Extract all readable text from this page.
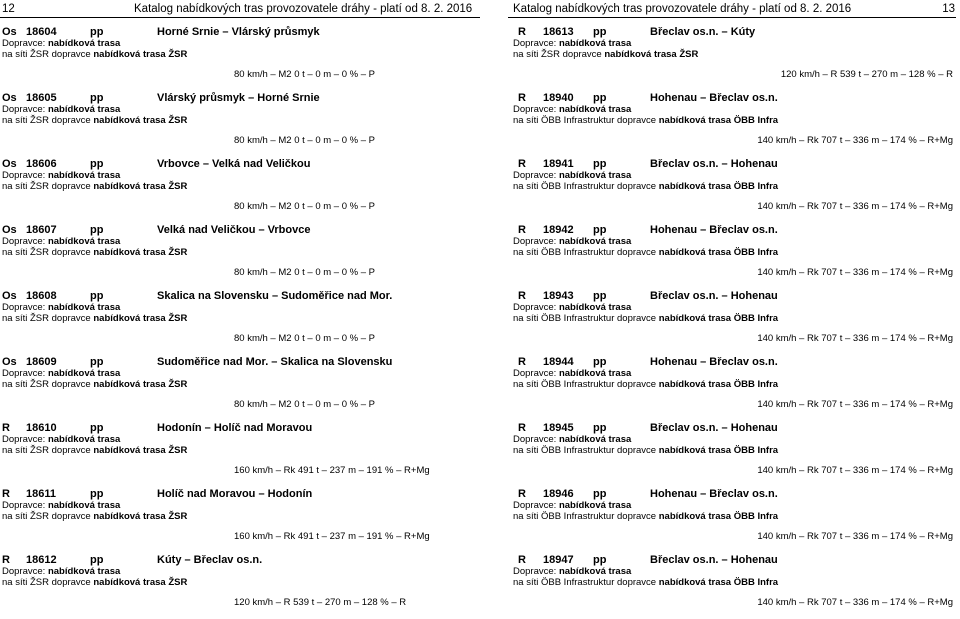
12	Katalog nabídkových tras provozovatele dráhy - platí od 8. 2. 2016
Os 18604	pp	Horné Srnie – Vlárský průsmyk
Dopravce: nabídková trasa
na síti ŽSR dopravce nabídková trasa ŽSR
80 km/h – M2 0 t – 0 m – 0 % – P
Os 18605	pp	Vlárský průsmyk – Horné Srnie
Dopravce: nabídková trasa
na síti ŽSR dopravce nabídková trasa ŽSR
80 km/h – M2 0 t – 0 m – 0 % – P
Os 18606	pp	Vrbovce – Velká nad Veličkou
Dopravce: nabídková trasa
na síti ŽSR dopravce nabídková trasa ŽSR
80 km/h – M2 0 t – 0 m – 0 % – P
Os 18607	pp	Velká nad Veličkou – Vrbovce
Dopravce: nabídková trasa
na síti ŽSR dopravce nabídková trasa ŽSR
80 km/h – M2 0 t – 0 m – 0 % – P
Os 18608	pp	Skalica na Slovensku – Sudoměřice nad Mor.
Dopravce: nabídková trasa
na síti ŽSR dopravce nabídková trasa ŽSR
80 km/h – M2 0 t – 0 m – 0 % – P
Os 18609	pp	Sudoměřice nad Mor. – Skalica na Slovensku
Dopravce: nabídková trasa
na síti ŽSR dopravce nabídková trasa ŽSR
80 km/h – M2 0 t – 0 m – 0 % – P
R 18610	pp	Hodonín – Holíč nad Moravou
Dopravce: nabídková trasa
na síti ŽSR dopravce nabídková trasa ŽSR
160 km/h – Rk 491 t – 237 m – 191 % – R+Mg
R 18611	pp	Holíč nad Moravou – Hodonín
Dopravce: nabídková trasa
na síti ŽSR dopravce nabídková trasa ŽSR
160 km/h – Rk 491 t – 237 m – 191 % – R+Mg
R 18612	pp	Kúty – Břeclav os.n.
Dopravce: nabídková trasa
na síti ŽSR dopravce nabídková trasa ŽSR
120 km/h – R 539 t – 270 m – 128 % – R
Katalog nabídkových tras provozovatele dráhy - platí od 8. 2. 2016	13
R 18613 pp	Břeclav os.n. – Kúty
Dopravce: nabídková trasa
na síti ŽSR dopravce nabídková trasa ŽSR
120 km/h – R 539 t – 270 m – 128 % – R
R 18940 pp	Hohenau – Břeclav os.n.
Dopravce: nabídková trasa
na síti ÖBB Infrastruktur dopravce nabídková trasa ÖBB Infra
140 km/h – Rk 707 t – 336 m – 174 % – R+Mg
R 18941 pp	Břeclav os.n. – Hohenau
Dopravce: nabídková trasa
na síti ÖBB Infrastruktur dopravce nabídková trasa ÖBB Infra
140 km/h – Rk 707 t – 336 m – 174 % – R+Mg
R 18942 pp	Hohenau – Břeclav os.n.
Dopravce: nabídková trasa
na síti ÖBB Infrastruktur dopravce nabídková trasa ÖBB Infra
140 km/h – Rk 707 t – 336 m – 174 % – R+Mg
R 18943 pp	Břeclav os.n. – Hohenau
Dopravce: nabídková trasa
na síti ÖBB Infrastruktur dopravce nabídková trasa ÖBB Infra
140 km/h – Rk 707 t – 336 m – 174 % – R+Mg
R 18944 pp	Hohenau – Břeclav os.n.
Dopravce: nabídková trasa
na síti ÖBB Infrastruktur dopravce nabídková trasa ÖBB Infra
140 km/h – Rk 707 t – 336 m – 174 % – R+Mg
R 18945 pp	Břeclav os.n. – Hohenau
Dopravce: nabídková trasa
na síti ÖBB Infrastruktur dopravce nabídková trasa ÖBB Infra
140 km/h – Rk 707 t – 336 m – 174 % – R+Mg
R 18946 pp	Hohenau – Břeclav os.n.
Dopravce: nabídková trasa
na síti ÖBB Infrastruktur dopravce nabídková trasa ÖBB Infra
140 km/h – Rk 707 t – 336 m – 174 % – R+Mg
R 18947 pp	Břeclav os.n. – Hohenau
Dopravce: nabídková trasa
na síti ÖBB Infrastruktur dopravce nabídková trasa ÖBB Infra
140 km/h – Rk 707 t – 336 m – 174 % – R+Mg
